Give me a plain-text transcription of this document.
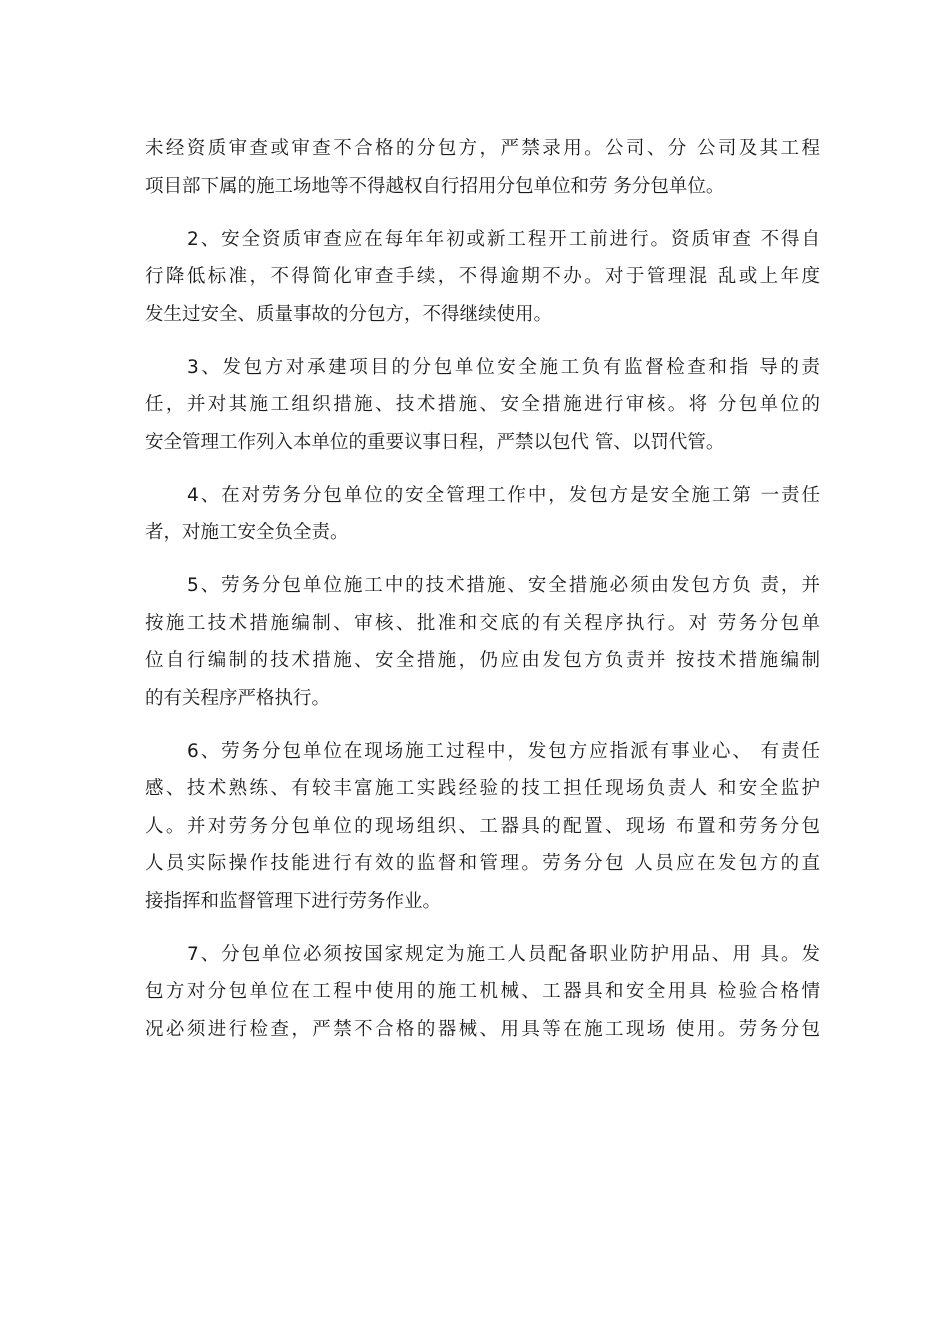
未经资质审查或审查不合格的分包方，严禁录用。公司、分 公司及其工程
项目部下属的施工场地等不得越权自行招用分包单位和劳 务分包单位。
2、安全资质审查应在每年年初或新工程开工前进行。资质审查 不得自
行降低标准，不得简化审查手续，不得逾期不办。对于管理混 乱或上年度
发生过安全、质量事故的分包方，不得继续使用。
3、发包方对承建项目的分包单位安全施工负有监督检查和指 导的责
任，并对其施工组织措施、技术措施、安全措施进行审核。将 分包单位的
安全管理工作列入本单位的重要议事日程，严禁以包代 管、以罚代管。
4、在对劳务分包单位的安全管理工作中，发包方是安全施工第 一责任
者，对施工安全负全责。
5、劳务分包单位施工中的技术措施、安全措施必须由发包方负 责，并
按施工技术措施编制、审核、批准和交底的有关程序执行。对 劳务分包单
位自行编制的技术措施、安全措施，仍应由发包方负责并 按技术措施编制
的有关程序严格执行。
6、劳务分包单位在现场施工过程中，发包方应指派有事业心、 有责任
感、技术熟练、有较丰富施工实践经验的技工担任现场负责人 和安全监护
人。并对劳务分包单位的现场组织、工器具的配置、现场 布置和劳务分包
人员实际操作技能进行有效的监督和管理。劳务分包 人员应在发包方的直
接指挥和监督管理下进行劳务作业。
7、分包单位必须按国家规定为施工人员配备职业防护用品、用 具。发
包方对分包单位在工程中使用的施工机械、工器具和安全用具 检验合格情
况必须进行检查，严禁不合格的器械、用具等在施工现场 使用。劳务分包
